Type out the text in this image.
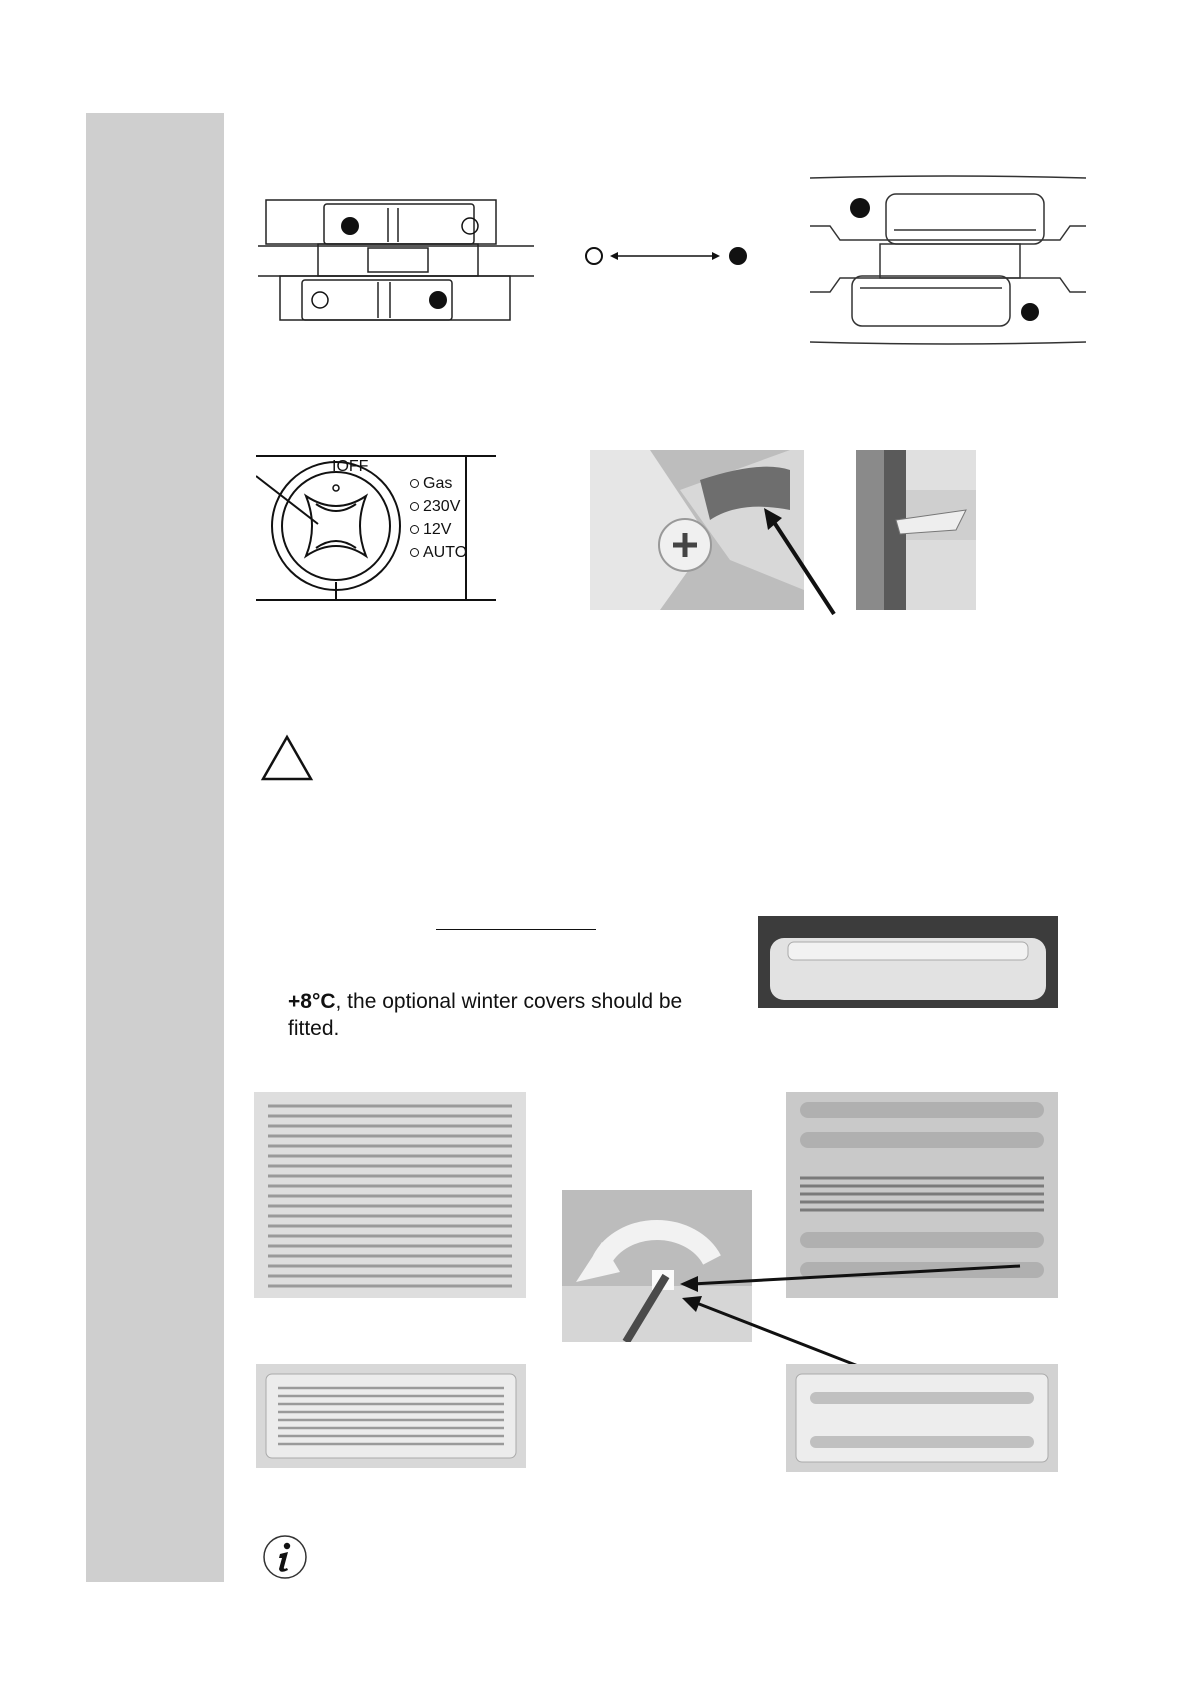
IOFF
Gas
230V
12V
AUTO
+8°C, the optional winter covers should be fitted.
